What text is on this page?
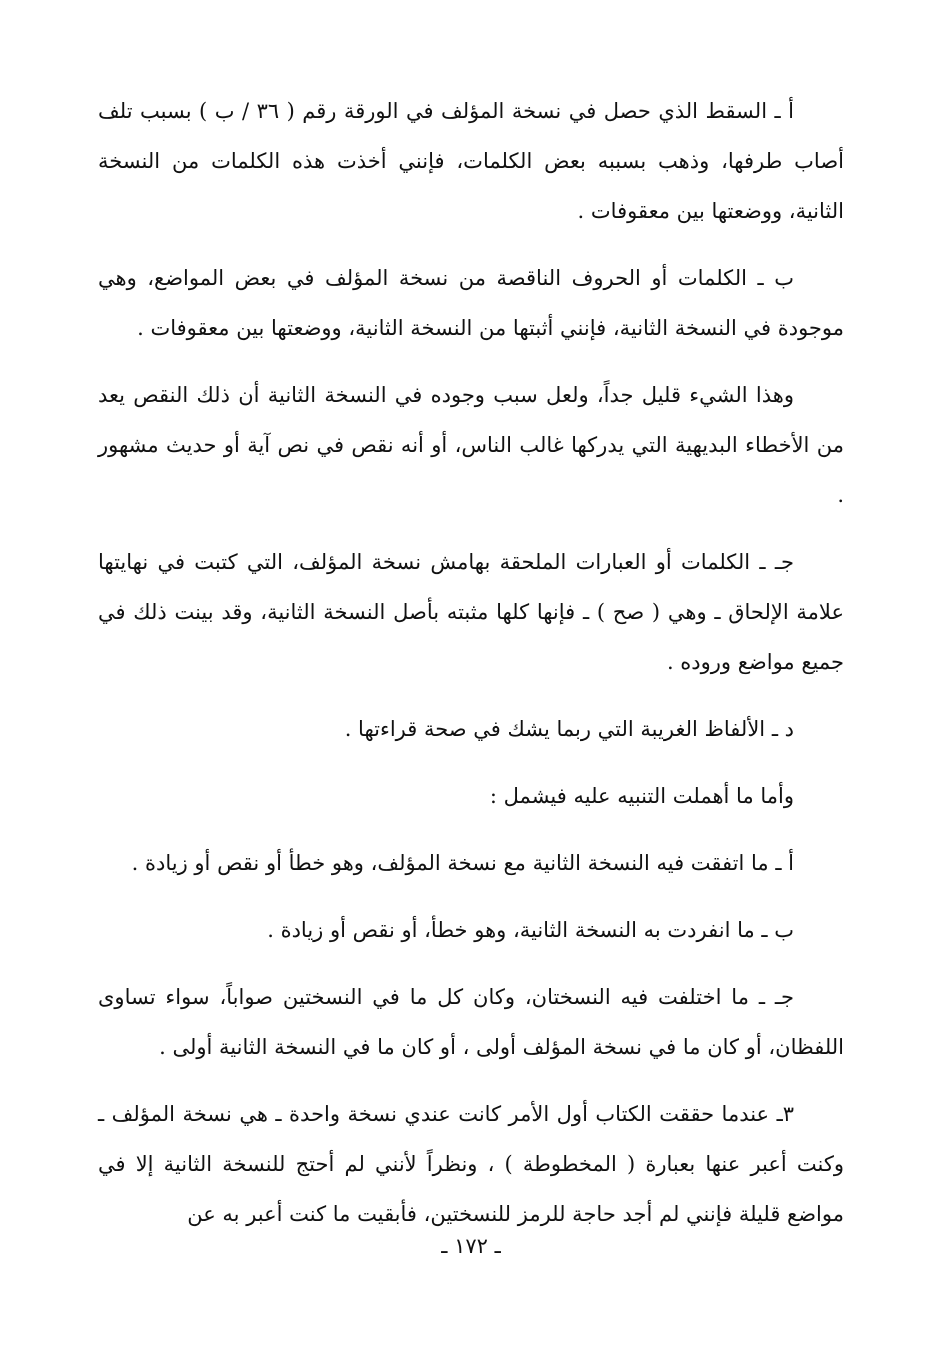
أ ـ السقط الذي حصل في نسخة المؤلف في الورقة رقم ( ٣٦ / ب ) بسبب تلف أصاب طرفها، وذهب بسببه بعض الكلمات، فإنني أخذت هذه الكلمات من النسخة الثانية، ووضعتها بين معقوفات .

ب ـ الكلمات أو الحروف الناقصة من نسخة المؤلف في بعض المواضع، وهي موجودة في النسخة الثانية، فإنني أثبتها من النسخة الثانية، ووضعتها بين معقوفات .

وهذا الشيء قليل جداً، ولعل سبب وجوده في النسخة الثانية أن ذلك النقص يعد من الأخطاء البديهية التي يدركها غالب الناس، أو أنه نقص في نص آية أو حديث مشهور .

جـ ـ الكلمات أو العبارات الملحقة بهامش نسخة المؤلف، التي كتبت في نهايتها علامة الإلحاق ـ وهي ( صح ) ـ فإنها كلها مثبته بأصل النسخة الثانية، وقد بينت ذلك في جميع مواضع وروده .

د ـ الألفاظ الغريبة التي ربما يشك في صحة قراءتها .

وأما ما أهملت التنبيه عليه فيشمل :

أ ـ ما اتفقت فيه النسخة الثانية مع نسخة المؤلف، وهو خطأ أو نقص أو زيادة .

ب ـ ما انفردت به النسخة الثانية، وهو خطأ، أو نقص أو زيادة .

جـ ـ ما اختلفت فيه النسختان، وكان كل ما في النسختين صواباً، سواء تساوى اللفظان، أو كان ما في نسخة المؤلف أولى ، أو كان ما في النسخة الثانية أولى .

٣ـ عندما حققت الكتاب أول الأمر كانت عندي نسخة واحدة ـ هي نسخة المؤلف ـ وكنت أعبر عنها بعبارة ( المخطوطة ) ، ونظراً لأنني لم أحتج للنسخة الثانية إلا في مواضع قليلة فإنني لم أجد حاجة للرمز للنسختين، فأبقيت ما كنت أعبر به عن

ـ ١٧٢ ـ
